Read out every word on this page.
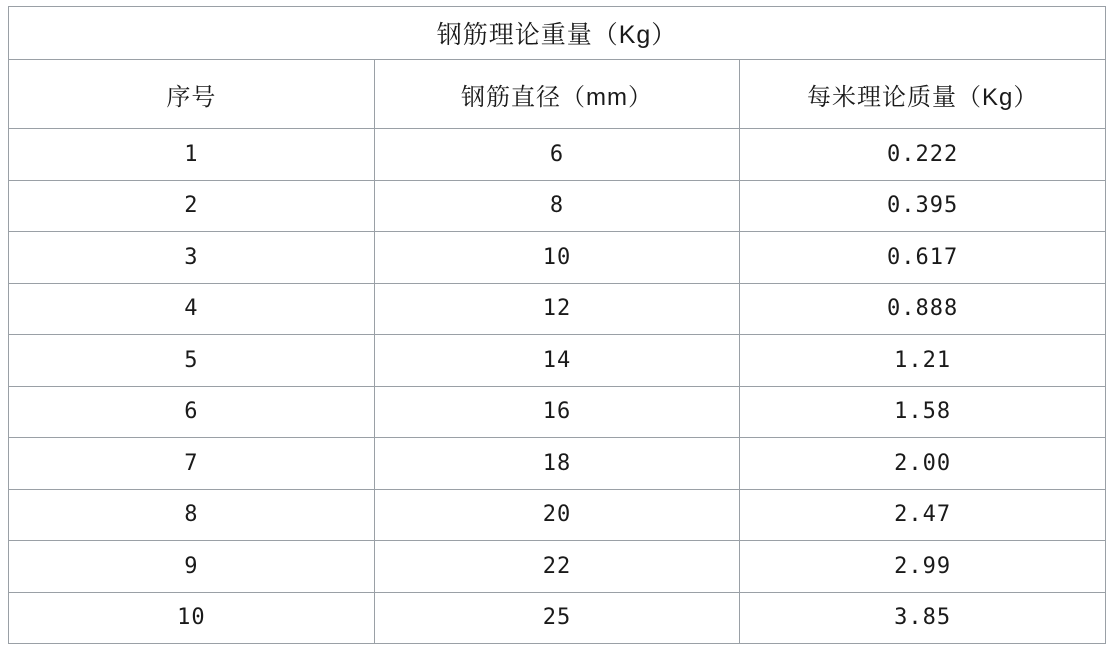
钢筋理论重量（Kg）		
序号	钢筋直径（mm）	每米理论质量（Kg）
1	6	0.222
2	8	0.395
3	10	0.617
4	12	0.888
5	14	1.21
6	16	1.58
7	18	2.00
8	20	2.47
9	22	2.99
10	25	3.85
